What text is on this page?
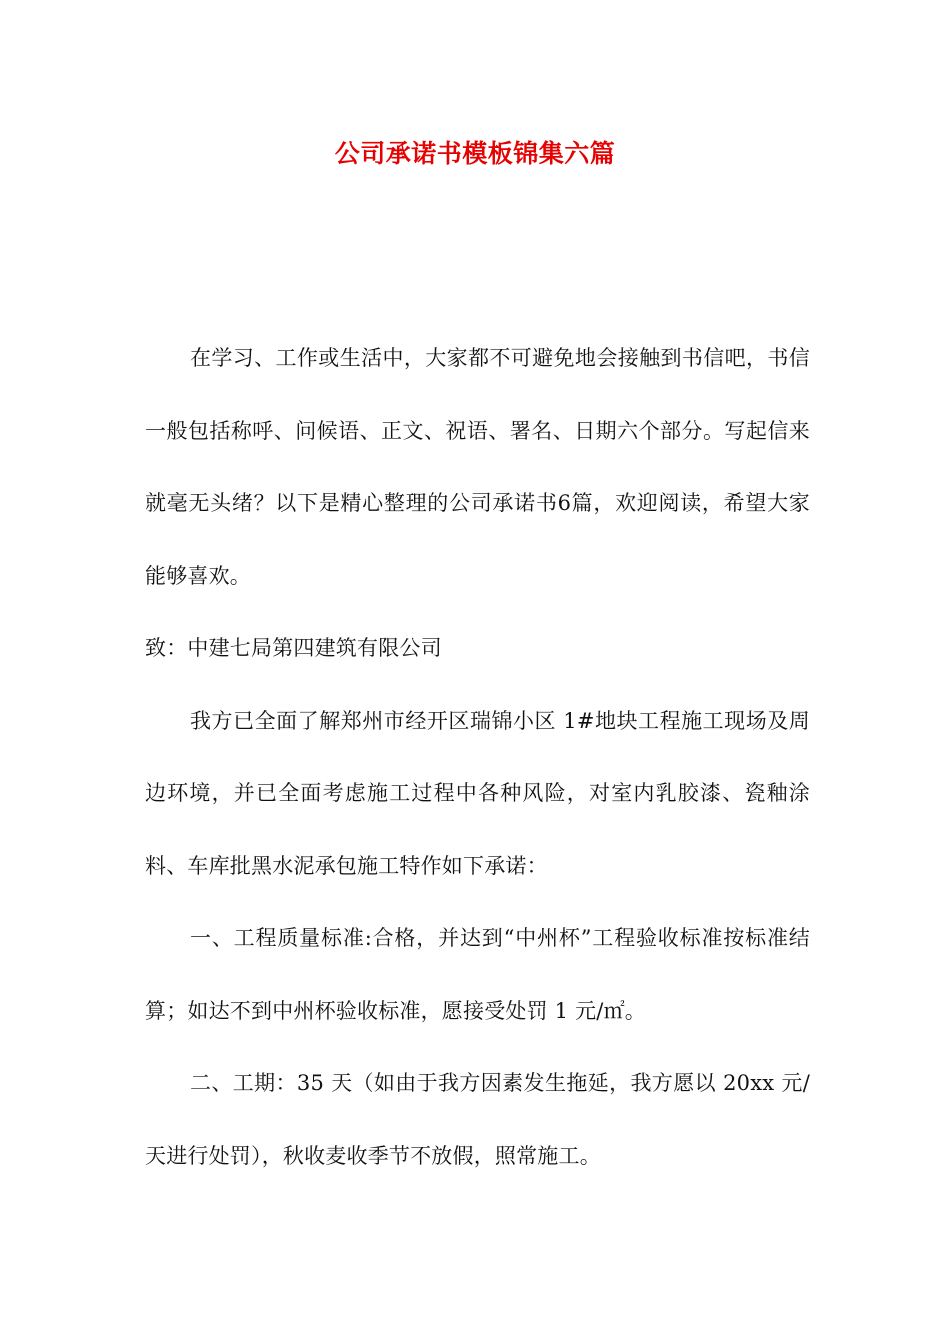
公司承诺书模板锦集六篇

在学习、工作或生活中，大家都不可避免地会接触到书信吧，书信一般包括称呼、问候语、正文、祝语、署名、日期六个部分。写起信来就毫无头绪？以下是精心整理的公司承诺书6篇，欢迎阅读，希望大家能够喜欢。

致：中建七局第四建筑有限公司

我方已全面了解郑州市经开区瑞锦小区 1#地块工程施工现场及周边环境，并已全面考虑施工过程中各种风险，对室内乳胶漆、瓷釉涂料、车库批黑水泥承包施工特作如下承诺：

一、工程质量标准:合格，并达到“中州杯”工程验收标准按标准结算；如达不到中州杯验收标准，愿接受处罚 1 元/㎡。

二、工期：35 天（如由于我方因素发生拖延，我方愿以 20xx 元/天进行处罚），秋收麦收季节不放假，照常施工。
